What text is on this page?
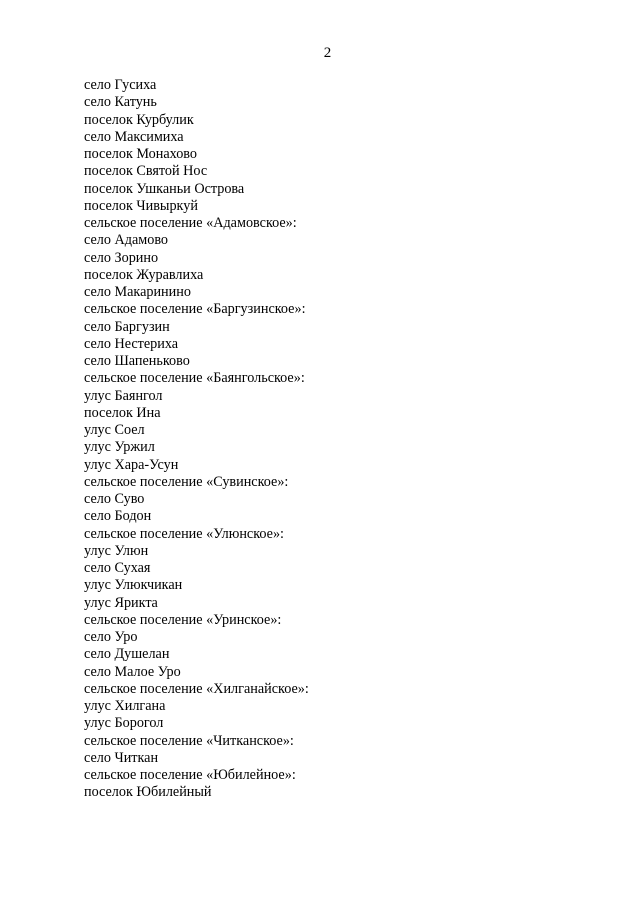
2
село Гусиха
село Катунь
поселок Курбулик
село Максимиха
поселок Монахово
поселок Святой Нос
поселок Ушканьи Острова
поселок Чивыркуй
сельское поселение «Адамовское»:
село Адамово
село Зорино
поселок Журавлиха
село Макаринино
сельское поселение «Баргузинское»:
село Баргузин
село Нестериха
село Шапеньково
сельское поселение «Баянгольское»:
улус Баянгол
поселок Ина
улус Соел
улус Уржил
улус Хара-Усун
сельское поселение «Сувинское»:
село Суво
село Бодон
сельское поселение «Улюнское»:
улус Улюн
село Сухая
улус Улюкчикан
улус Яриктa
сельское поселение «Уринское»:
село Уро
село Душелан
село Малое Уро
сельское поселение «Хилганайское»:
улус Хилгана
улус Борогол
сельское поселение «Читканское»:
село Читкан
сельское поселение «Юбилейное»:
поселок Юбилейный
